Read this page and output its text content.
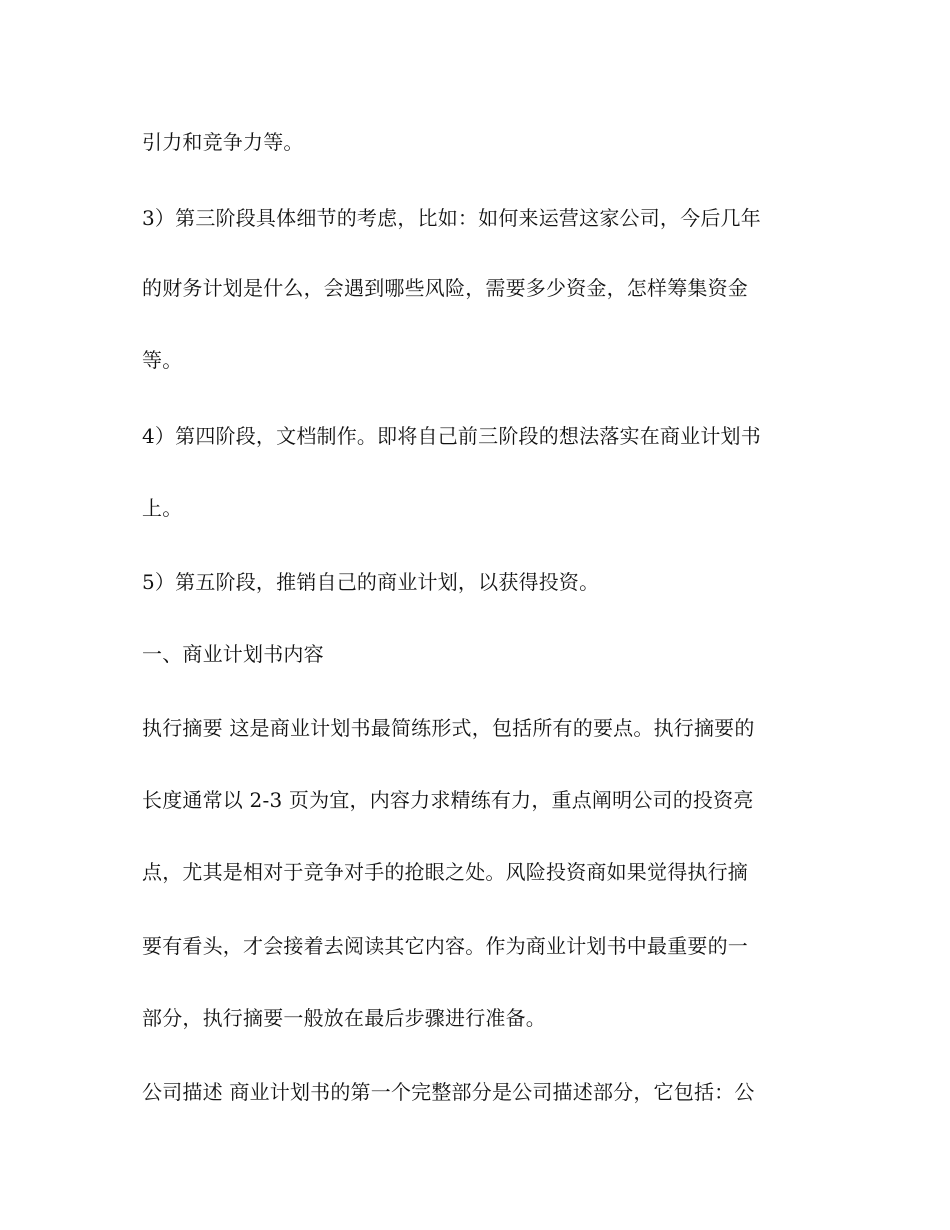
引力和竞争力等。
3）第三阶段具体细节的考虑，比如：如何来运营这家公司，今后几年
的财务计划是什么，会遇到哪些风险，需要多少资金，怎样筹集资金
等。
4）第四阶段，文档制作。即将自己前三阶段的想法落实在商业计划书
上。
5）第五阶段，推销自己的商业计划，以获得投资。
一、商业计划书内容
执行摘要 这是商业计划书最简练形式，包括所有的要点。执行摘要的
长度通常以 2-3 页为宜，内容力求精练有力，重点阐明公司的投资亮
点，尤其是相对于竞争对手的抢眼之处。风险投资商如果觉得执行摘
要有看头，才会接着去阅读其它内容。作为商业计划书中最重要的一
部分，执行摘要一般放在最后步骤进行准备。
公司描述 商业计划书的第一个完整部分是公司描述部分，它包括：公
